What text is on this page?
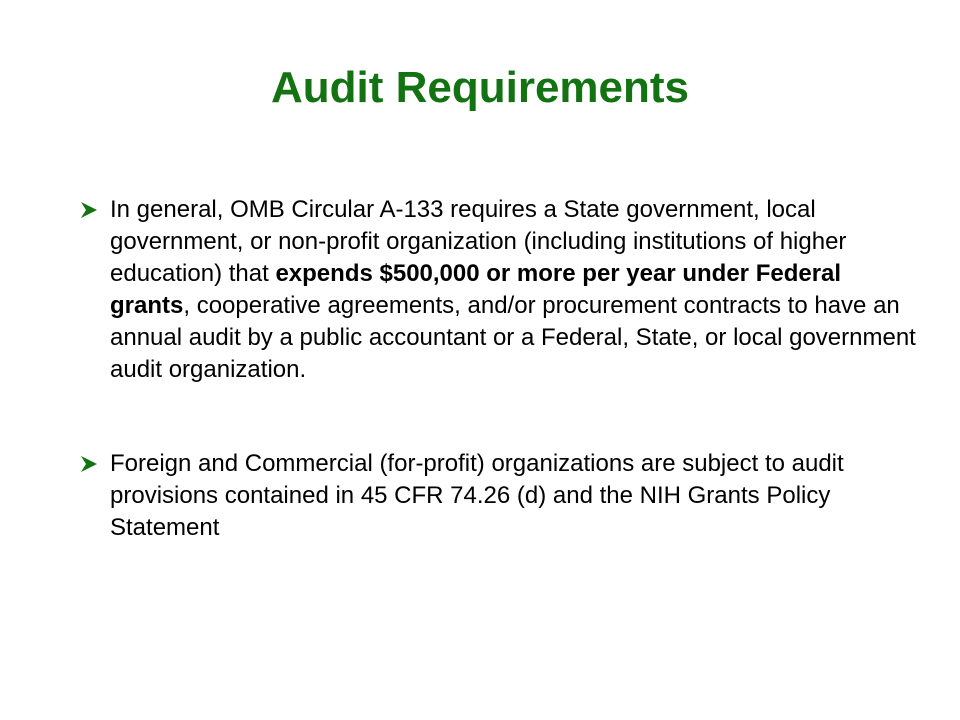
Audit Requirements
In general, OMB Circular A-133 requires a State government, local government, or non-profit organization (including institutions of higher education) that expends $500,000 or more per year under Federal grants, cooperative agreements, and/or procurement contracts to have an annual audit by a public accountant or a Federal, State, or local government audit organization.
Foreign and Commercial (for-profit) organizations are subject to audit provisions contained in 45 CFR 74.26 (d) and the NIH Grants Policy Statement
